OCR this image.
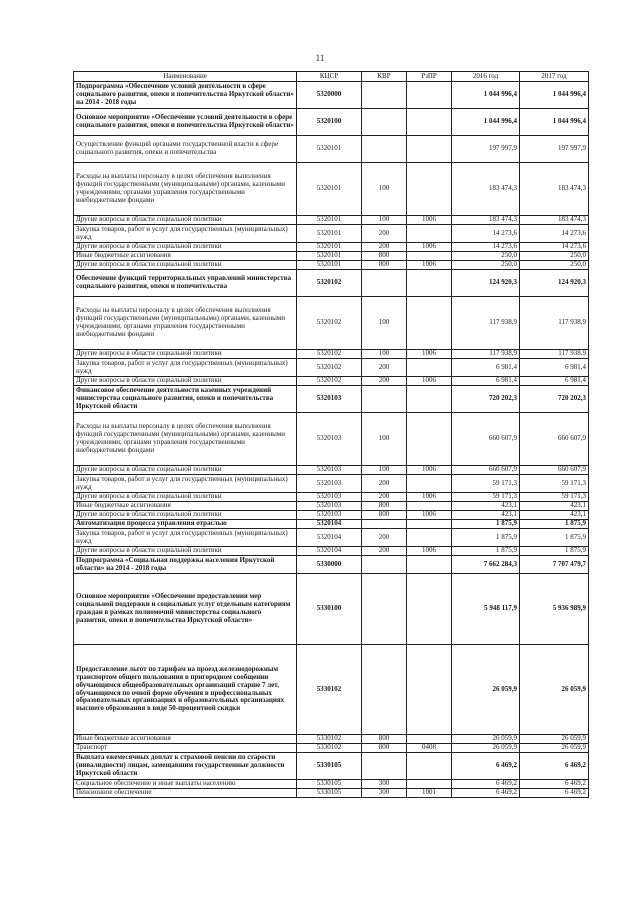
11
Наименование	КЦСР	КВР	РзПР	2016 год	2017 год
Подпрограмма «Обеспечение условий деятельности в сфере социального развития, опеки и попечительства Иркутской области» на 2014 - 2018 годы	5320000			1 044 996,4	1 044 996,4
Основное мероприятие «Обеспечение условий деятельности в сфере социального развития, опеки и попечительства Иркутской области»	5320100			1 044 996,4	1 044 996,4
Осуществление функций органами государственной власти в сфере социального развития, опеки и попечительства	5320101			197 997,9	197 997,9
Расходы на выплаты персоналу в целях обеспечения выполнения функций государственными (муниципальными) органами, казенными учреждениями, органами управления государственными внебюджетными фондами	5320101	100		183 474,3	183 474,3
Другие вопросы в области социальной политики	5320101	100	1006	183 474,3	183 474,3
Закупка товаров, работ и услуг для государственных (муниципальных) нужд	5320101	200		14 273,6	14 273,6
Другие вопросы в области социальной политики	5320101	200	1006	14 273,6	14 273,6
Иные бюджетные ассигнования	5320101	800		250,0	250,0
Другие вопросы в области социальной политики	5320101	800	1006	250,0	250,0
Обеспечение функций территориальных управлений министерства социального развития, опеки и попечительства	5320102			124 920,3	124 920,3
Расходы на выплаты персоналу в целях обеспечения выполнения функций государственными (муниципальными) органами, казенными учреждениями, органами управления государственными внебюджетными фондами	5320102	100		117 938,9	117 938,9
Другие вопросы в области социальной политики	5320102	100	1006	117 938,9	117 938,9
Закупка товаров, работ и услуг для государственных (муниципальных) нужд	5320102	200		6 981,4	6 981,4
Другие вопросы в области социальной политики	5320102	200	1006	6 981,4	6 981,4
Финансовое обеспечение деятельности казенных учреждений министерства социального развития, опеки и попечительства Иркутской области	5320103			720 202,3	720 202,3
Расходы на выплаты персоналу в целях обеспечения выполнения функций государственными (муниципальными) органами, казенными учреждениями, органами управления государственными внебюджетными фондами	5320103	100		660 607,9	660 607,9
Другие вопросы в области социальной политики	5320103	100	1006	660 607,9	660 607,9
Закупка товаров, работ и услуг для государственных (муниципальных) нужд	5320103	200		59 171,3	59 171,3
Другие вопросы в области социальной политики	5320103	200	1006	59 171,3	59 171,3
Иные бюджетные ассигнования	5320103	800		423,1	423,1
Другие вопросы в области социальной политики	5320103	800	1006	423,1	423,1
Автоматизация процесса управления отраслью	5320104			1 875,9	1 875,9
Закупка товаров, работ и услуг для государственных (муниципальных) нужд	5320104	200		1 875,9	1 875,9
Другие вопросы в области социальной политики	5320104	200	1006	1 875,9	1 875,9
Подпрограмма «Социальная поддержка населения Иркутской области» на 2014 - 2018 годы	5330000			7 662 284,3	7 707 479,7
Основное мероприятие «Обеспечение предоставления мер социальной поддержки и социальных услуг отдельным категориям граждан в рамках полномочий министерства социального развития, опеки и попечительства Иркутской области»	5330100			5 948 117,9	5 936 989,9
Предоставление льгот по тарифам на проезд железнодорожным транспортом общего пользования в пригородном сообщении обучающимся общеобразовательных организаций старше 7 лет, обучающимся по очной форме обучения в профессиональных образовательных организациях и образовательных организациях высшего образования в виде 50-процентной скидки	5330102			26 059,9	26 059,9
Иные бюджетные ассигнования	5330102	800		26 059,9	26 059,9
Транспорт	5330102	800	0408	26 059,9	26 059,9
Выплата ежемесячных доплат к страховой пенсии по старости (инвалидности) лицам, замещавшим государственные должности Иркутской области	5330105			6 469,2	6 469,2
Социальное обеспечение и иные выплаты населению	5330105	300		6 469,2	6 469,2
Пенсионное обеспечение	5330105	300	1001	6 469,2	6 469,2
